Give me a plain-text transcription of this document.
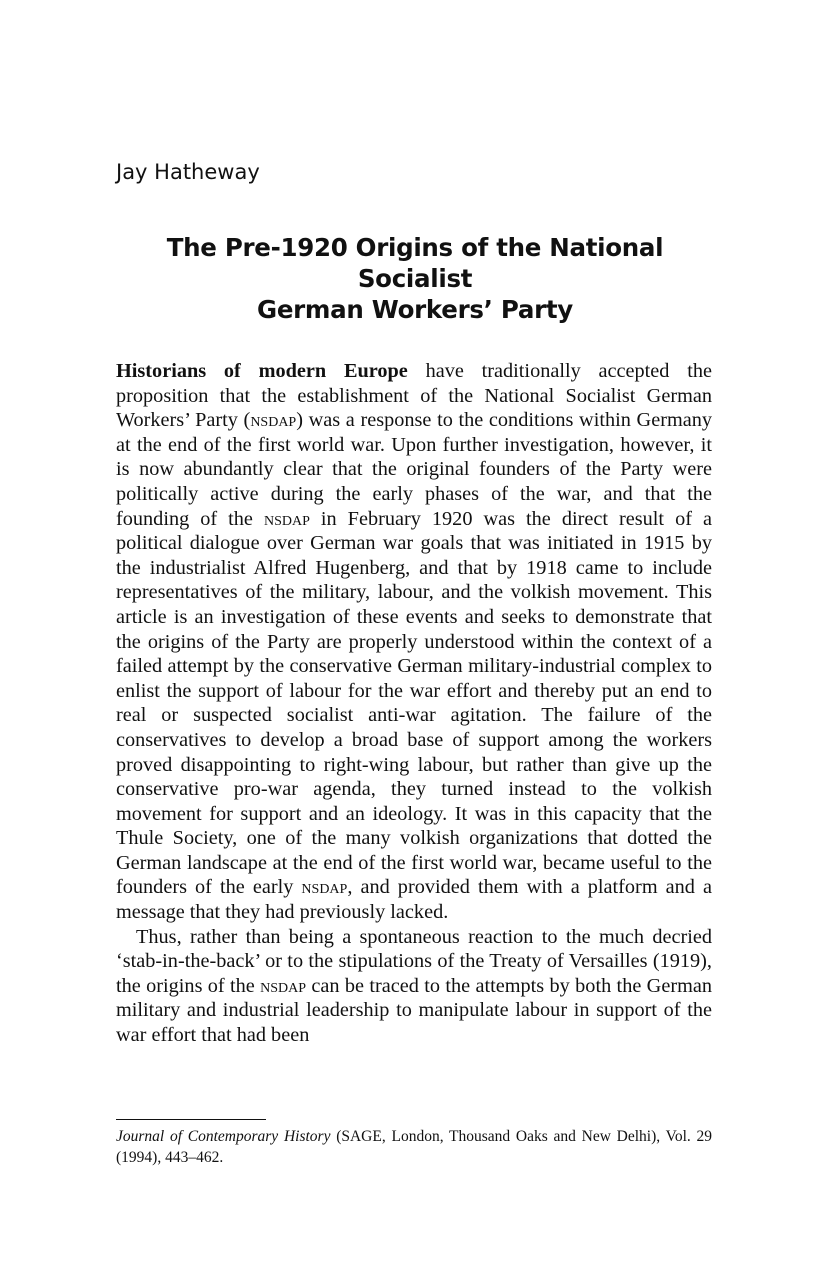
Jay Hatheway
The Pre-1920 Origins of the National Socialist
German Workers’ Party

Historians of modern Europe have traditionally accepted the proposition that the establishment of the National Socialist German Workers’ Party (nsdap) was a response to the conditions within Germany at the end of the first world war. Upon further investigation, however, it is now abundantly clear that the original founders of the Party were politically active during the early phases of the war, and that the founding of the nsdap in February 1920 was the direct result of a political dialogue over German war goals that was initiated in 1915 by the industrialist Alfred Hugenberg, and that by 1918 came to include representatives of the military, labour, and the volkish movement. This article is an investigation of these events and seeks to demonstrate that the origins of the Party are properly understood within the context of a failed attempt by the conservative German military-industrial complex to enlist the support of labour for the war effort and thereby put an end to real or suspected socialist anti-war agitation. The failure of the conservatives to develop a broad base of support among the workers proved disappointing to right-wing labour, but rather than give up the conservative pro-war agenda, they turned instead to the volkish movement for support and an ideology. It was in this capacity that the Thule Society, one of the many volkish organizations that dotted the German landscape at the end of the first world war, became useful to the founders of the early nsdap, and provided them with a platform and a message that they had previously lacked.

Thus, rather than being a spontaneous reaction to the much decried ‘stab-in-the-back’ or to the stipulations of the Treaty of Versailles (1919), the origins of the nsdap can be traced to the attempts by both the German military and industrial leadership to manipulate labour in support of the war effort that had been

Journal of Contemporary History (SAGE, London, Thousand Oaks and New Delhi), Vol. 29 (1994), 443–462.
